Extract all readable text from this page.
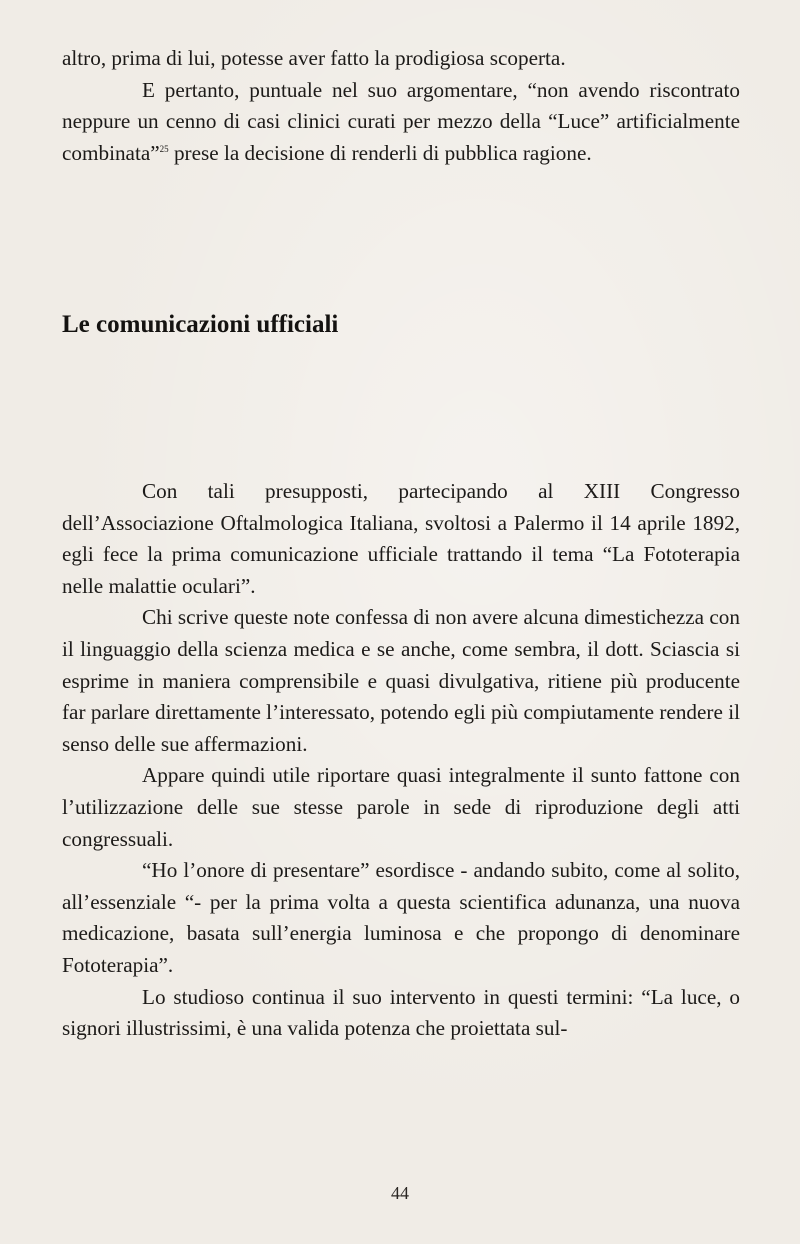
altro, prima di lui, potesse aver fatto la prodigiosa scoperta.

E pertanto, puntuale nel suo argomentare, “non avendo riscontrato neppure un cenno di casi clinici curati per mezzo della “Luce” artificialmente combinata”$^{25}$ prese la decisione di renderli di pubblica ragione.

Le comunicazioni ufficiali

Con tali presupposti, partecipando al XIII Congresso dell’Associazione Oftalmologica Italiana, svoltosi a Palermo il 14 aprile 1892, egli fece la prima comunicazione ufficiale trattando il tema “La Fototerapia nelle malattie oculari”.

Chi scrive queste note confessa di non avere alcuna dimestichezza con il linguaggio della scienza medica e se anche, come sembra, il dott. Sciascia si esprime in maniera comprensibile e quasi divulgativa, ritiene più producente far parlare direttamente l’interessato, potendo egli più compiutamente rendere il senso delle sue affermazioni.

Appare quindi utile riportare quasi integralmente il sunto fattone con l’utilizzazione delle sue stesse parole in sede di riproduzione degli atti congressuali.

“Ho l’onore di presentare” esordisce - andando subito, come al solito, all’essenziale “- per la prima volta a questa scientifica adunanza, una nuova medicazione, basata sull’energia luminosa e che propongo di denominare Fototerapia”.

Lo studioso continua il suo intervento in questi termini: “La luce, o signori illustrissimi, è una valida potenza che proiettata sul-

44
